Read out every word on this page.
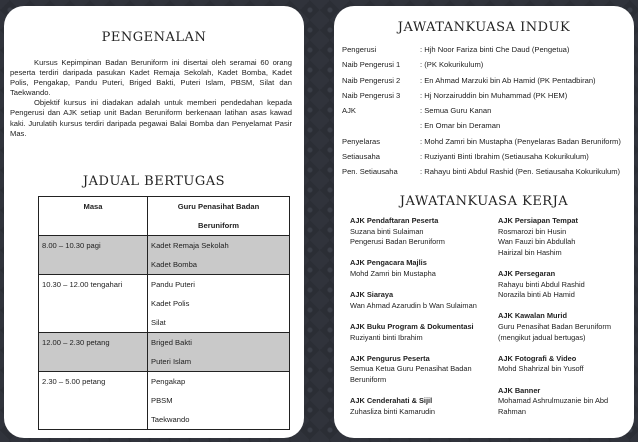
PENGENALAN

Kursus Kepimpinan Badan Beruniform ini disertai oleh seramai 60 orang peserta terdiri daripada pasukan Kadet Remaja Sekolah, Kadet Bomba, Kadet Polis, Pengakap, Pandu Puteri, Briged Bakti, Puteri Islam, PBSM, Silat dan Taekwando.

Objektif kursus ini diadakan adalah untuk memberi pendedahan kepada Pengerusi dan AJK setiap unit Badan Beruniform berkenaan latihan asas kawad kaki. Jurulatih kursus terdiri daripada pegawai Balai Bomba dan Penyelamat Pasir Mas.

JADUAL BERTUGAS
Masa	Guru Penasihat Badan
Beruniform

8.00 – 10.30 pagi	Kadet Remaja Sekolah
Kadet Bomba

10.30 – 12.00 tengahari	Pandu Puteri
Kadet Polis
Silat

12.00 – 2.30 petang	Briged Bakti
Puteri Islam

2.30 – 5.00 petang	Pengakap
PBSM
Taekwando
JAWATANKUASA INDUK
Pengerusi	: Hjh Noor Fariza binti Che Daud (Pengetua)
Naib Pengerusi 1	: (PK Kokurikulum)
Naib Pengerusi 2	: En Ahmad Marzuki bin Ab Hamid (PK Pentadbiran)
Naib Pengerusi 3	: Hj Norzairuddin bin Muhammad (PK HEM)
AJK	: Semua Guru Kanan
: En Omar bin Deraman
Penyelaras	: Mohd Zamri bin Mustapha (Penyelaras Badan Beruniform)
Setiausaha	: Ruziyanti Binti Ibrahim (Setiausaha Kokurikulum)
Pen. Setiausaha	: Rahayu binti Abdul Rashid (Pen. Setiausaha Kokurikulum)
JAWATANKUASA KERJA
AJK Pendaftaran Peserta
Suzana binti Sulaiman
Pengerusi Badan Beruniform
AJK Pengacara Majlis
Mohd Zamri bin Mustapha
AJK Siaraya
Wan Ahmad Azarudin b Wan Sulaiman
AJK Buku Program & Dokumentasi
Ruziyanti binti Ibrahim
AJK Pengurus Peserta
Semua Ketua Guru Penasihat Badan
Beruniform
AJK Cenderahati & Sijil
Zuhasliza binti Kamarudin
AJK Persiapan Tempat
Rosmarozi bin Husin
Wan Fauzi bin Abdullah
Hairizal bin Hashim
AJK Persegaran
Rahayu binti Abdul Rashid
Norazila binti Ab Hamid
AJK Kawalan Murid
Guru Penasihat Badan Beruniform
(mengikut jadual bertugas)
AJK Fotografi & Video
Mohd Shahrizal bin Yusoff
AJK Banner
Mohamad Ashrulmuzanie bin Abd
Rahman
